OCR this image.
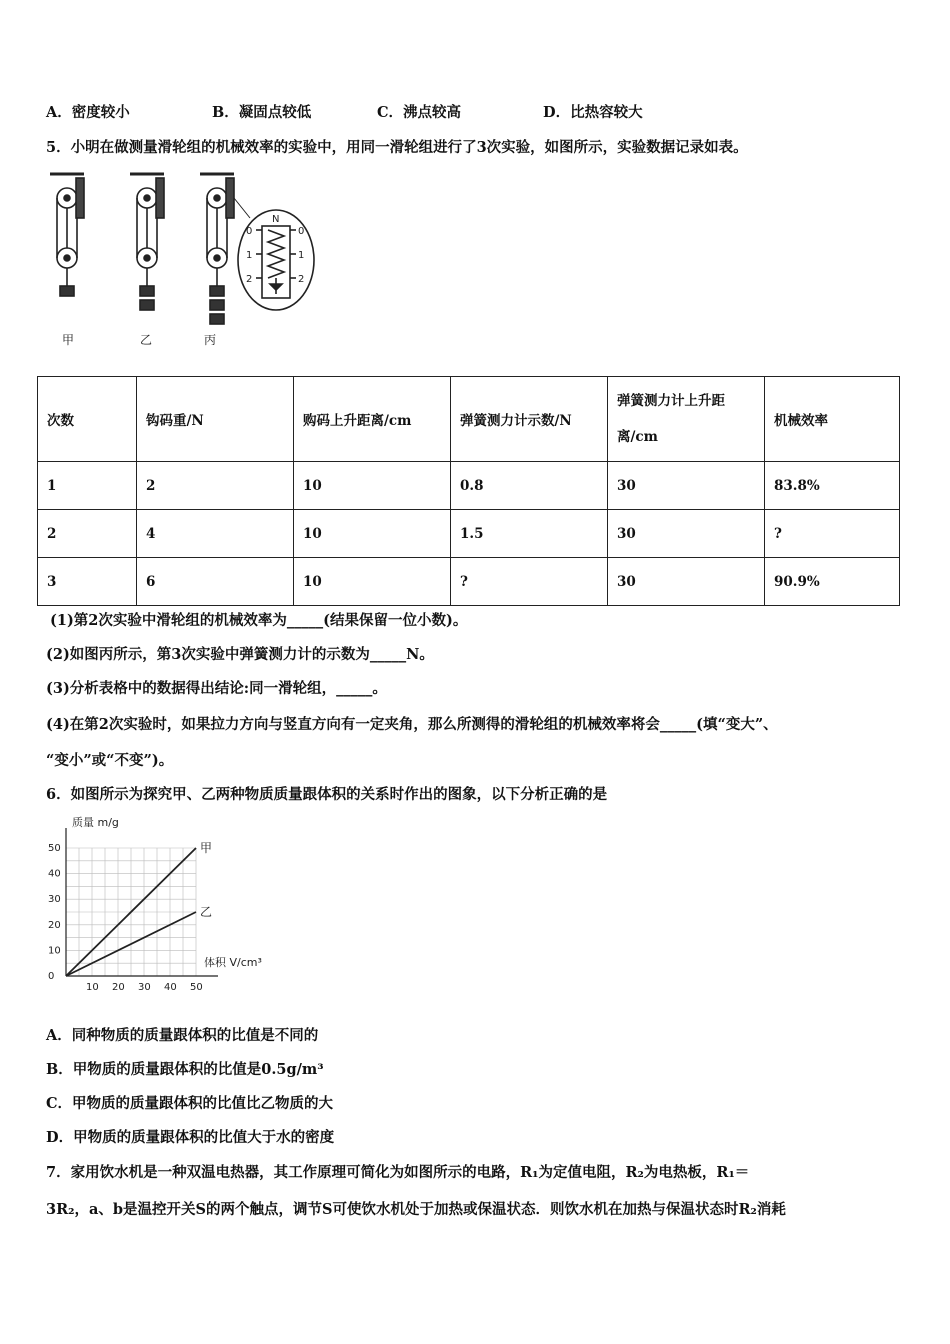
A．密度较小	B．凝固点较低	C．沸点较高	D．比热容较大
5．小明在做测量滑轮组的机械效率的实验中，用同一滑轮组进行了3次实验，如图所示，实验数据记录如表。
N
0
1
2
0
1
2
甲	乙	丙
次数	钩码重/N	购码上升距离/cm	弹簧测力计示数/N	弹簧测力计上升距离/cm	机械效率
1	2	10	0.8	30	83.8%
2	4	10	1.5	30	?
3	6	10	?	30	90.9%
(1)第2次实验中滑轮组的机械效率为_____(结果保留一位小数)。
(2)如图丙所示，第3次实验中弹簧测力计的示数为_____N。
(3)分析表格中的数据得出结论:同一滑轮组，_____。
(4)在第2次实验时，如果拉力方向与竖直方向有一定夹角，那么所测得的滑轮组的机械效率将会_____(填“变大”、
“变小”或“不变”)。
6．如图所示为探究甲、乙两种物质质量跟体积的关系时作出的图象，以下分析正确的是
0
10
20
30
40
50
10 20 30 40 50
甲
乙
质量 m/g
体积 V/cm³
A．同种物质的质量跟体积的比值是不同的
B．甲物质的质量跟体积的比值是0.5g/m³
C．甲物质的质量跟体积的比值比乙物质的大
D．甲物质的质量跟体积的比值大于水的密度
7．家用饮水机是一种双温电热器，其工作原理可简化为如图所示的电路，R₁为定值电阻，R₂为电热板，R₁＝
3R₂，a、b是温控开关S的两个触点，调节S可使饮水机处于加热或保温状态．则饮水机在加热与保温状态时R₂消耗
